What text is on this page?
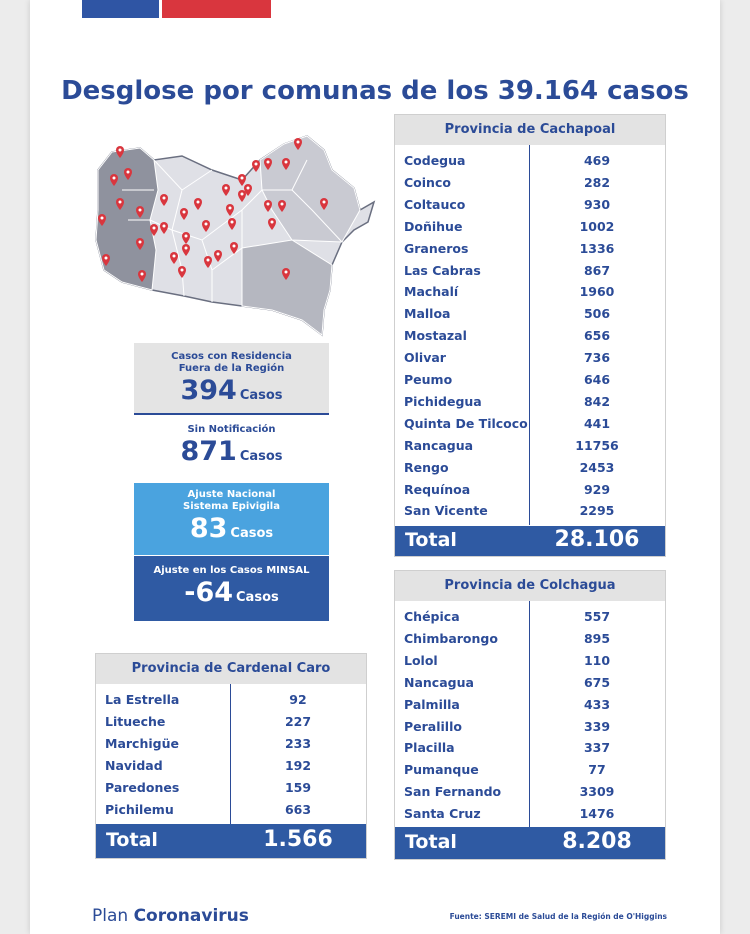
Desglose por comunas de los 39.164 casos
Casos con Residencia
Fuera de la Región
394 Casos
Sin Notificación
871 Casos
Ajuste Nacional
Sistema Epivigila
83 Casos
Ajuste en los Casos MINSAL
-64 Casos
Provincia de Cachapoal
Total	28.106
Codegua	469
Coinco	282
Coltauco	930
Doñihue	1002
Graneros	1336
Las Cabras	867
Machalí	1960
Malloa	506
Mostazal	656
Olivar	736
Peumo	646
Pichidegua	842
Quinta De Tilcoco	441
Rancagua	11756
Rengo	2453
Requínoa	929
San Vicente	2295
Provincia de Colchagua
Total	8.208
Chépica	557
Chimbarongo	895
Lolol	110
Nancagua	675
Palmilla	433
Peralillo	339
Placilla	337
Pumanque	77
San Fernando	3309
Santa Cruz	1476
Provincia de Cardenal Caro
Total	1.566
La Estrella	92
Litueche	227
Marchigüe	233
Navidad	192
Paredones	159
Pichilemu	663
Plan Coronavirus	Fuente: SEREMI de Salud de la Región de O'Higgins
